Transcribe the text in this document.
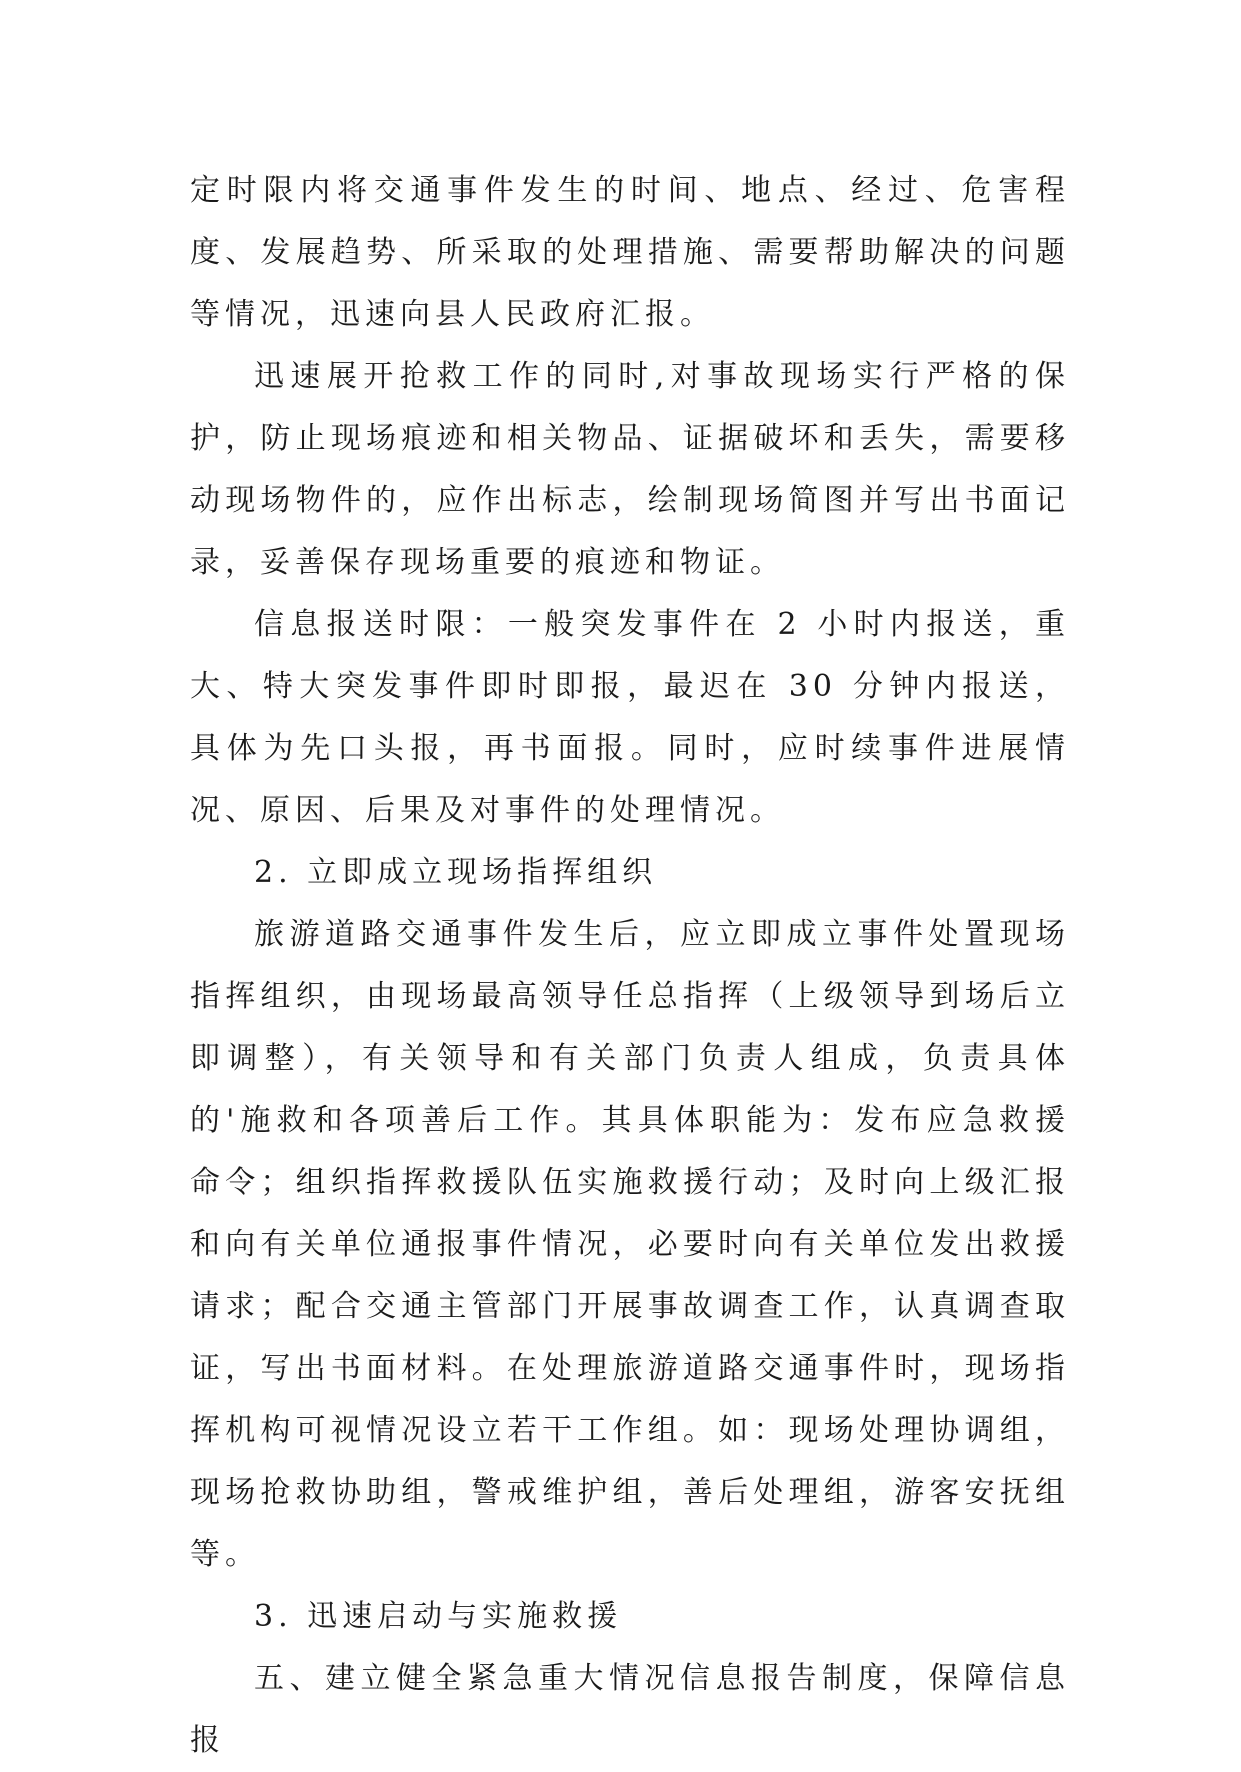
定时限内将交通事件发生的时间、地点、经过、危害程度、发展趋势、所采取的处理措施、需要帮助解决的问题等情况，迅速向县人民政府汇报。

迅速展开抢救工作的同时,对事故现场实行严格的保护，防止现场痕迹和相关物品、证据破坏和丢失，需要移动现场物件的，应作出标志，绘制现场简图并写出书面记录，妥善保存现场重要的痕迹和物证。

信息报送时限：一般突发事件在 2 小时内报送，重大、特大突发事件即时即报，最迟在 30 分钟内报送，具体为先口头报，再书面报。同时，应时续事件进展情况、原因、后果及对事件的处理情况。

2. 立即成立现场指挥组织

旅游道路交通事件发生后，应立即成立事件处置现场指挥组织，由现场最高领导任总指挥（上级领导到场后立即调整），有关领导和有关部门负责人组成，负责具体的'施救和各项善后工作。其具体职能为：发布应急救援命令；组织指挥救援队伍实施救援行动；及时向上级汇报和向有关单位通报事件情况，必要时向有关单位发出救援请求；配合交通主管部门开展事故调查工作，认真调查取证，写出书面材料。在处理旅游道路交通事件时，现场指挥机构可视情况设立若干工作组。如：现场处理协调组，现场抢救协助组，警戒维护组，善后处理组，游客安抚组等。

3. 迅速启动与实施救援

五、建立健全紧急重大情况信息报告制度，保障信息报
